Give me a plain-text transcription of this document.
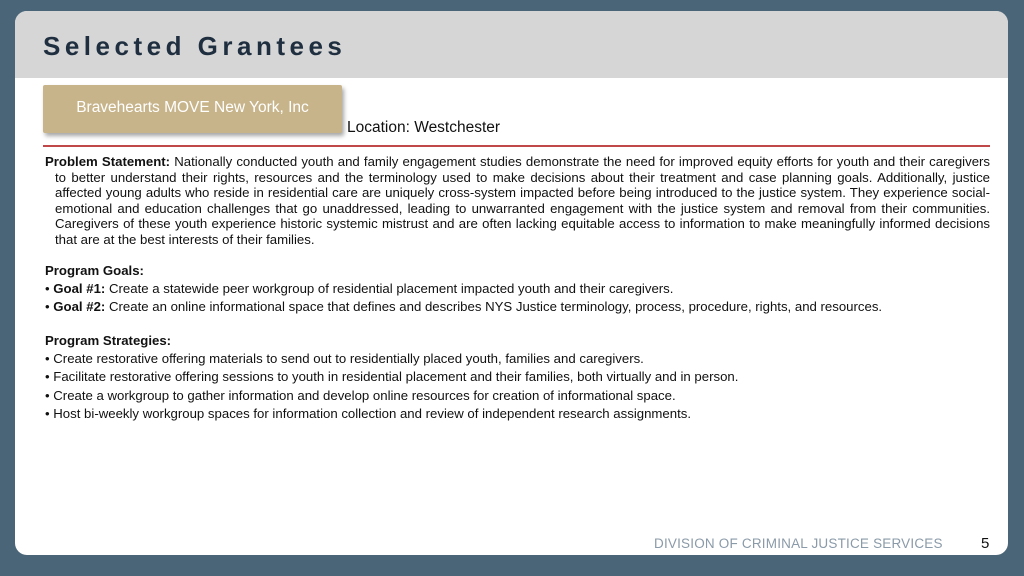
Selected Grantees
Bravehearts MOVE New York, Inc
Location: Westchester

Problem Statement: Nationally conducted youth and family engagement studies demonstrate the need for improved equity efforts for youth and their caregivers to better understand their rights, resources and the terminology used to make decisions about their treatment and case planning goals. Additionally, justice affected young adults who reside in residential care are uniquely cross-system impacted before being introduced to the justice system. They experience social-emotional and education challenges that go unaddressed, leading to unwarranted engagement with the justice system and removal from their communities. Caregivers of these youth experience historic systemic mistrust and are often lacking equitable access to information to make meaningfully informed decisions that are at the best interests of their families.

Program Goals:

• Goal #1: Create a statewide peer workgroup of residential placement impacted youth and their caregivers.

• Goal #2: Create an online informational space that defines and describes NYS Justice terminology, process, procedure, rights, and resources.

Program Strategies:

• Create restorative offering materials to send out to residentially placed youth, families and caregivers.

• Facilitate restorative offering sessions to youth in residential placement and their families, both virtually and in person.

• Create a workgroup to gather information and develop online resources for creation of informational space.

• Host bi-weekly workgroup spaces for information collection and review of independent research assignments.

DIVISION OF CRIMINAL JUSTICE SERVICES	5
